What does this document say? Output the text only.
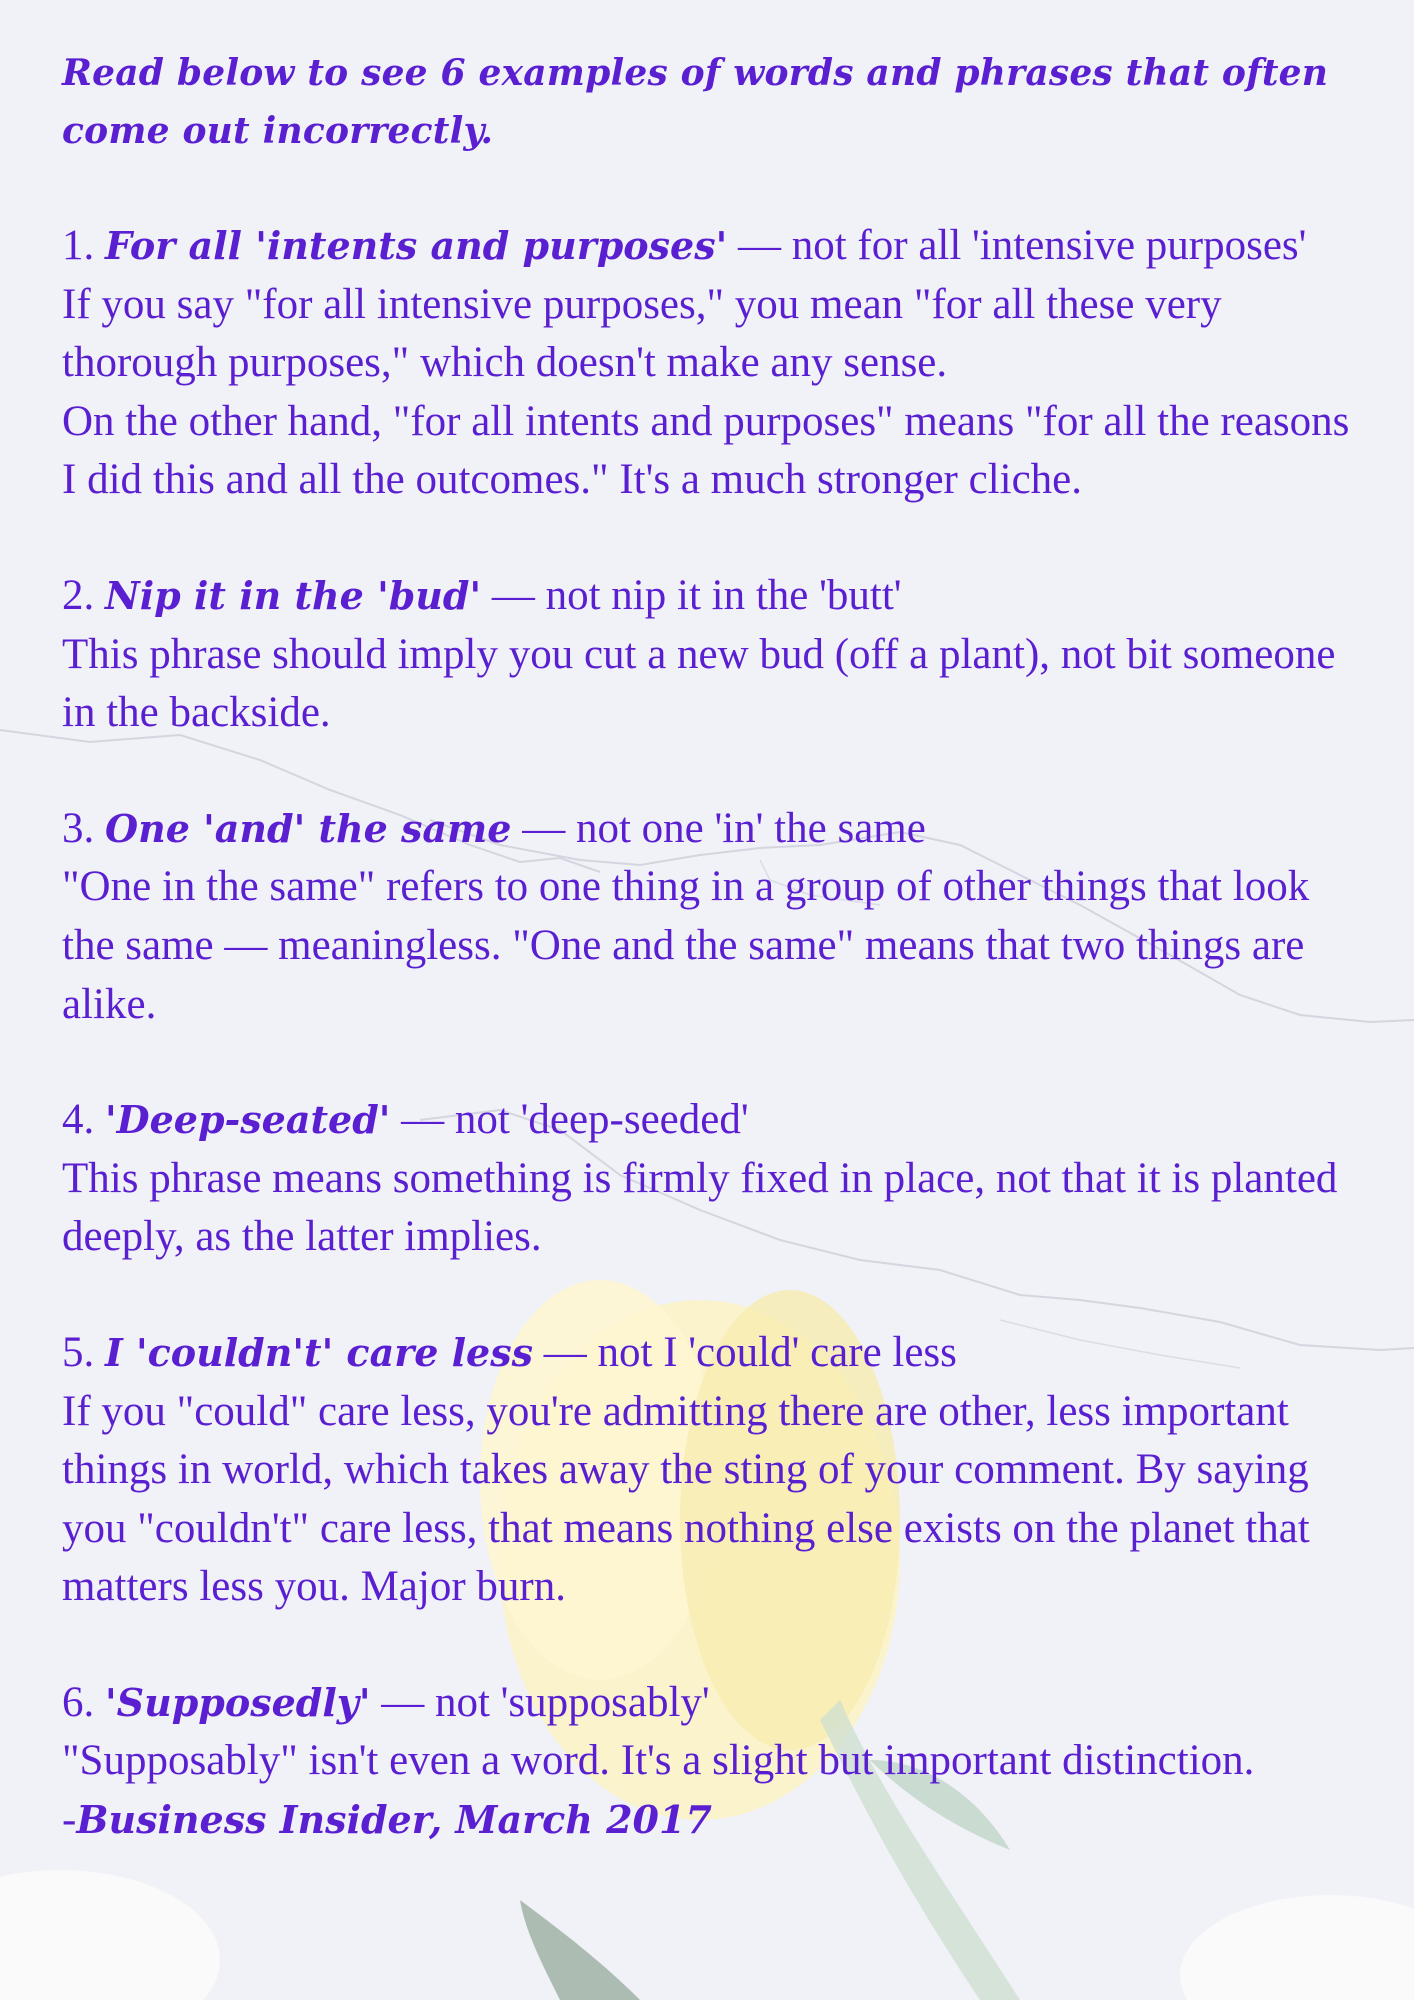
Read below to see 6 examples of words and phrases that often come out incorrectly.

1. For all 'intents and purposes' — not for all 'intensive purposes'

If you say "for all intensive purposes," you mean "for all these very thorough purposes," which doesn't make any sense.
On the other hand, "for all intents and purposes" means "for all the reasons I did this and all the outcomes." It's a much stronger cliche.

2. Nip it in the 'bud' — not nip it in the 'butt'

This phrase should imply you cut a new bud (off a plant), not bit someone in the backside.

3. One 'and' the same — not one 'in' the same

"One in the same" refers to one thing in a group of other things that look the same — meaningless. "One and the same" means that two things are alike.

4. 'Deep-seated' — not 'deep-seeded'

This phrase means something is firmly fixed in place, not that it is planted deeply, as the latter implies.

5. I 'couldn't' care less — not I 'could' care less

If you "could" care less, you're admitting there are other, less important things in world, which takes away the sting of your comment. By saying you "couldn't" care less, that means nothing else exists on the planet that matters less you. Major burn.

6. 'Supposedly' — not 'supposably'

"Supposably" isn't even a word. It's a slight but important distinction.

-Business Insider, March 2017
